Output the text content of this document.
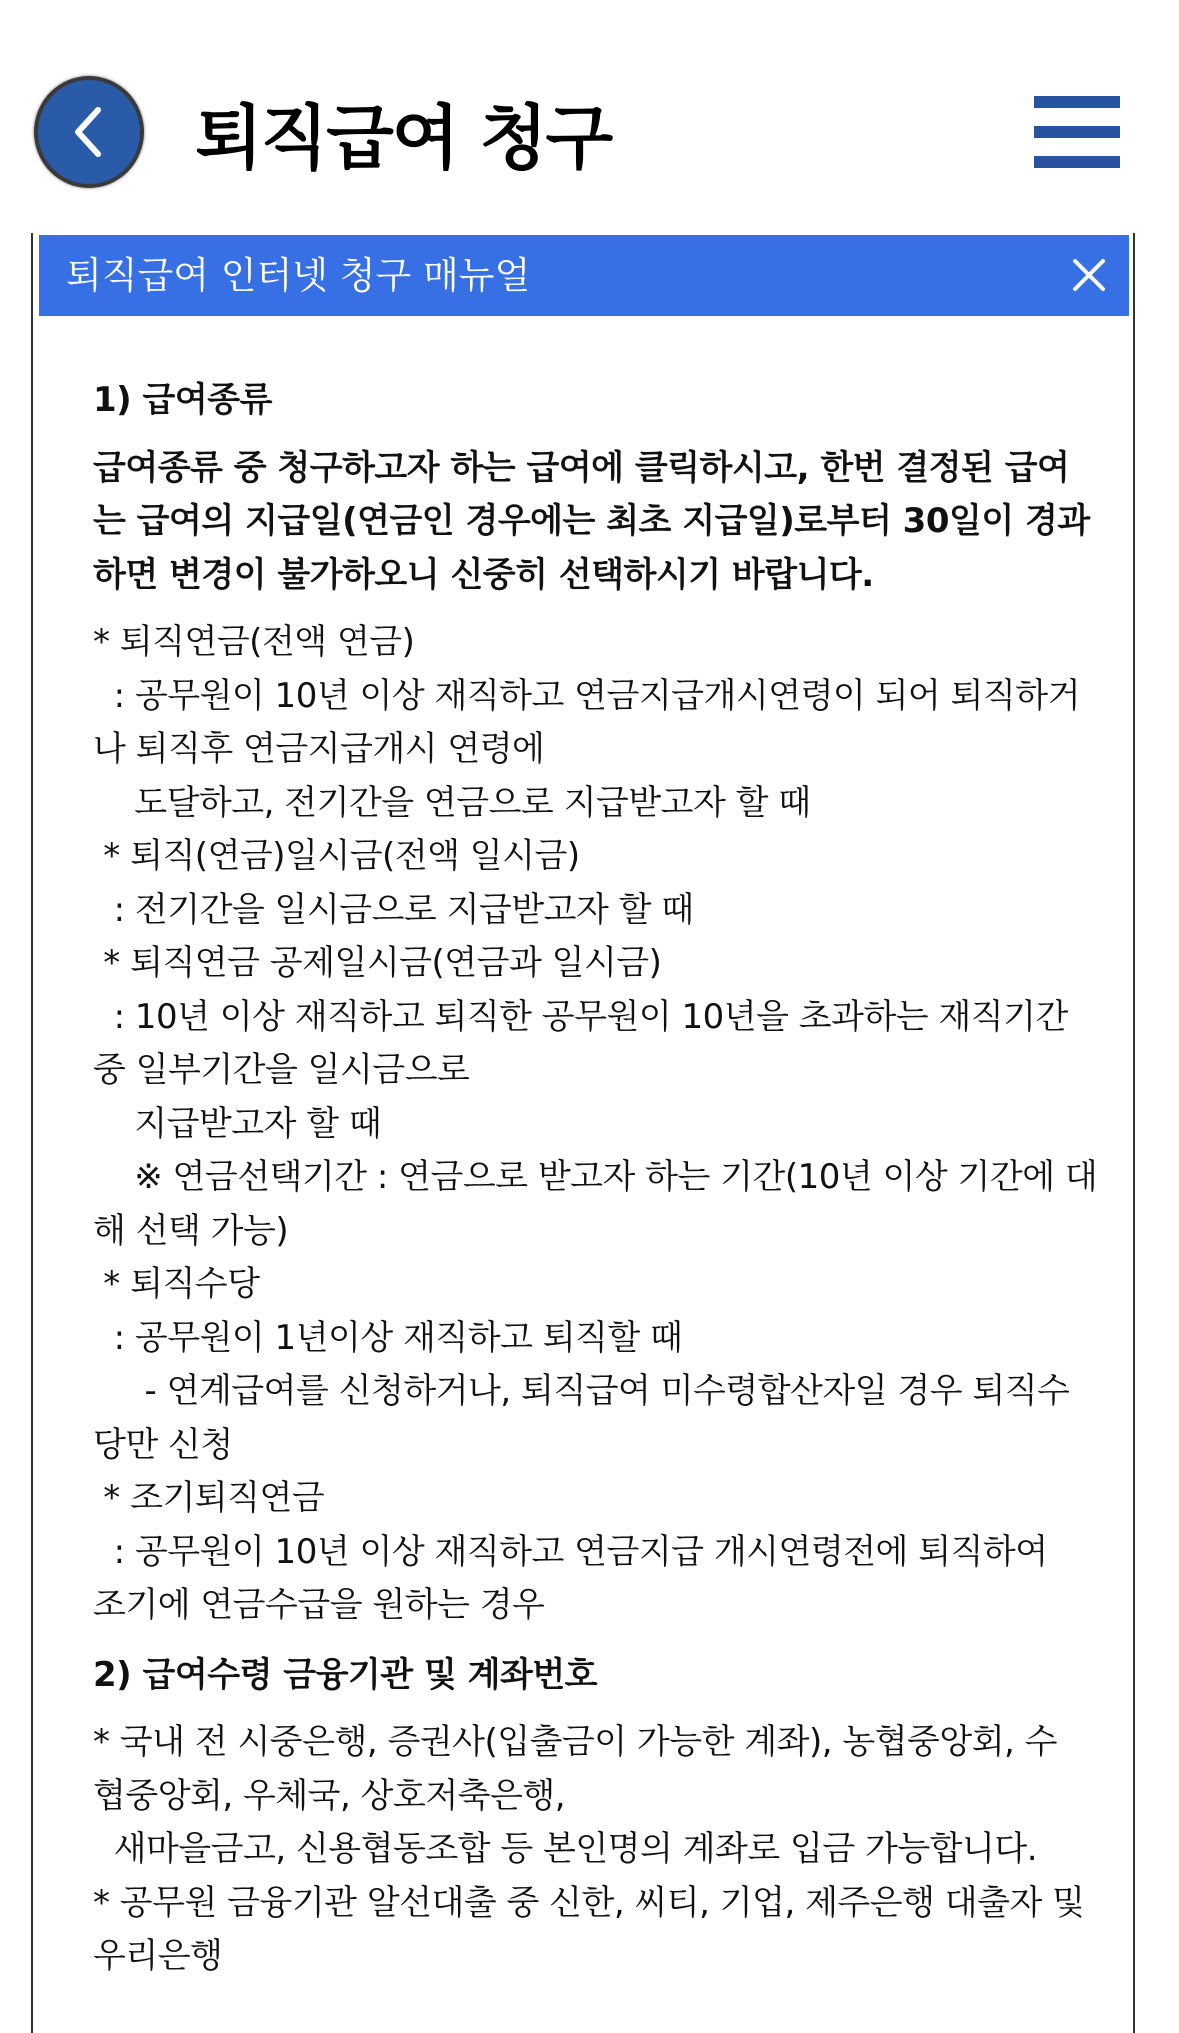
퇴직급여 청구
퇴직급여 인터넷 청구 매뉴얼
1) 급여종류
급여종류 중 청구하고자 하는 급여에 클릭하시고, 한번 결정된 급여
는 급여의 지급일(연금인 경우에는 최초 지급일)로부터 30일이 경과
하면 변경이 불가하오니 신중히 선택하시기 바랍니다.
* 퇴직연금(전액 연금)
: 공무원이 10년 이상 재직하고 연금지급개시연령이 되어 퇴직하거
나 퇴직후 연금지급개시 연령에
도달하고, 전기간을 연금으로 지급받고자 할 때
* 퇴직(연금)일시금(전액 일시금)
: 전기간을 일시금으로 지급받고자 할 때
* 퇴직연금 공제일시금(연금과 일시금)
: 10년 이상 재직하고 퇴직한 공무원이 10년을 초과하는 재직기간
중 일부기간을 일시금으로
지급받고자 할 때
※ 연금선택기간 : 연금으로 받고자 하는 기간(10년 이상 기간에 대
해 선택 가능)
* 퇴직수당
: 공무원이 1년이상 재직하고 퇴직할 때
- 연계급여를 신청하거나, 퇴직급여 미수령합산자일 경우 퇴직수
당만 신청
* 조기퇴직연금
: 공무원이 10년 이상 재직하고 연금지급 개시연령전에 퇴직하여
조기에 연금수급을 원하는 경우
2) 급여수령 금융기관 및 계좌번호
* 국내 전 시중은행, 증권사(입출금이 가능한 계좌), 농협중앙회, 수
협중앙회, 우체국, 상호저축은행,
새마을금고, 신용협동조합 등 본인명의 계좌로 입금 가능합니다.
* 공무원 금융기관 알선대출 중 신한, 씨티, 기업, 제주은행 대출자 및
우리은행
